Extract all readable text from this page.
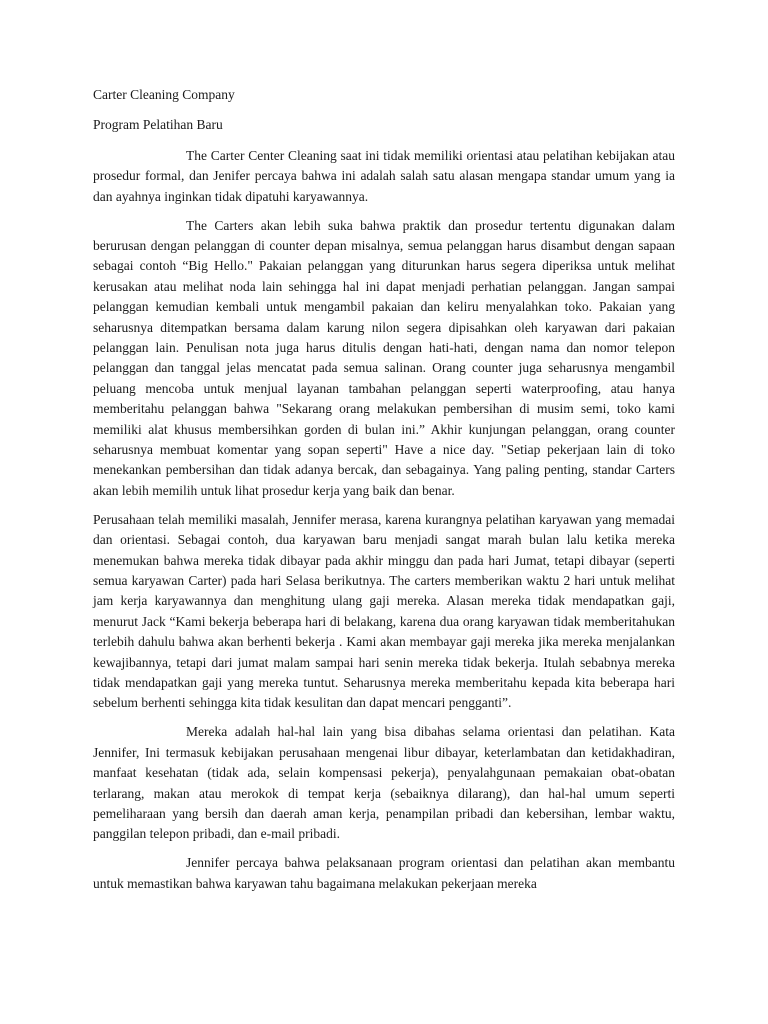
Carter Cleaning Company

Program Pelatihan Baru

The Carter Center Cleaning saat ini tidak memiliki orientasi atau pelatihan kebijakan atau prosedur formal, dan Jenifer percaya bahwa ini adalah salah satu alasan mengapa standar umum yang ia dan ayahnya inginkan tidak dipatuhi karyawannya.

The Carters akan lebih suka bahwa praktik dan prosedur tertentu digunakan dalam berurusan dengan pelanggan di counter depan misalnya, semua pelanggan harus disambut dengan sapaan sebagai contoh “Big Hello." Pakaian pelanggan yang diturunkan harus segera diperiksa untuk melihat kerusakan atau melihat noda lain sehingga hal ini dapat menjadi perhatian pelanggan. Jangan sampai pelanggan kemudian kembali untuk mengambil pakaian dan keliru menyalahkan toko. Pakaian yang seharusnya ditempatkan bersama dalam karung nilon segera dipisahkan oleh karyawan dari pakaian pelanggan lain. Penulisan nota juga harus ditulis dengan hati-hati, dengan nama dan nomor telepon pelanggan dan tanggal jelas mencatat pada semua salinan. Orang counter juga seharusnya mengambil peluang mencoba untuk menjual layanan tambahan pelanggan seperti waterproofing, atau hanya memberitahu pelanggan bahwa "Sekarang orang melakukan pembersihan di musim semi, toko kami memiliki alat khusus membersihkan gorden di bulan ini.” Akhir kunjungan pelanggan, orang counter seharusnya membuat komentar yang sopan seperti" Have a nice day. "Setiap pekerjaan lain di toko menekankan pembersihan dan tidak adanya bercak, dan sebagainya. Yang paling penting, standar Carters akan lebih memilih untuk lihat prosedur kerja yang baik dan benar.

Perusahaan telah memiliki masalah, Jennifer merasa, karena kurangnya pelatihan karyawan yang memadai dan orientasi. Sebagai contoh, dua karyawan baru menjadi sangat marah bulan lalu ketika mereka menemukan bahwa mereka tidak dibayar pada akhir minggu dan pada hari Jumat, tetapi dibayar (seperti semua karyawan Carter) pada hari Selasa berikutnya. The carters memberikan waktu 2 hari untuk melihat jam kerja karyawannya dan menghitung ulang gaji mereka. Alasan mereka tidak mendapatkan gaji, menurut Jack “Kami bekerja beberapa hari di belakang, karena dua orang karyawan tidak memberitahukan terlebih dahulu bahwa akan berhenti bekerja . Kami akan membayar gaji mereka jika mereka menjalankan kewajibannya, tetapi dari jumat malam sampai hari senin mereka tidak bekerja. Itulah sebabnya mereka tidak mendapatkan gaji yang mereka tuntut. Seharusnya mereka memberitahu kepada kita beberapa hari sebelum berhenti sehingga kita tidak kesulitan dan dapat mencari pengganti”.

Mereka adalah hal-hal lain yang bisa dibahas selama orientasi dan pelatihan. Kata Jennifer, Ini termasuk kebijakan perusahaan mengenai libur dibayar, keterlambatan dan ketidakhadiran, manfaat kesehatan (tidak ada, selain kompensasi pekerja), penyalahgunaan pemakaian obat-obatan terlarang, makan atau merokok di tempat kerja (sebaiknya dilarang), dan hal-hal umum seperti pemeliharaan yang bersih dan daerah aman kerja, penampilan pribadi dan kebersihan, lembar waktu, panggilan telepon pribadi, dan e-mail pribadi.

Jennifer percaya bahwa pelaksanaan program orientasi dan pelatihan akan membantu untuk memastikan bahwa karyawan tahu bagaimana melakukan pekerjaan mereka
